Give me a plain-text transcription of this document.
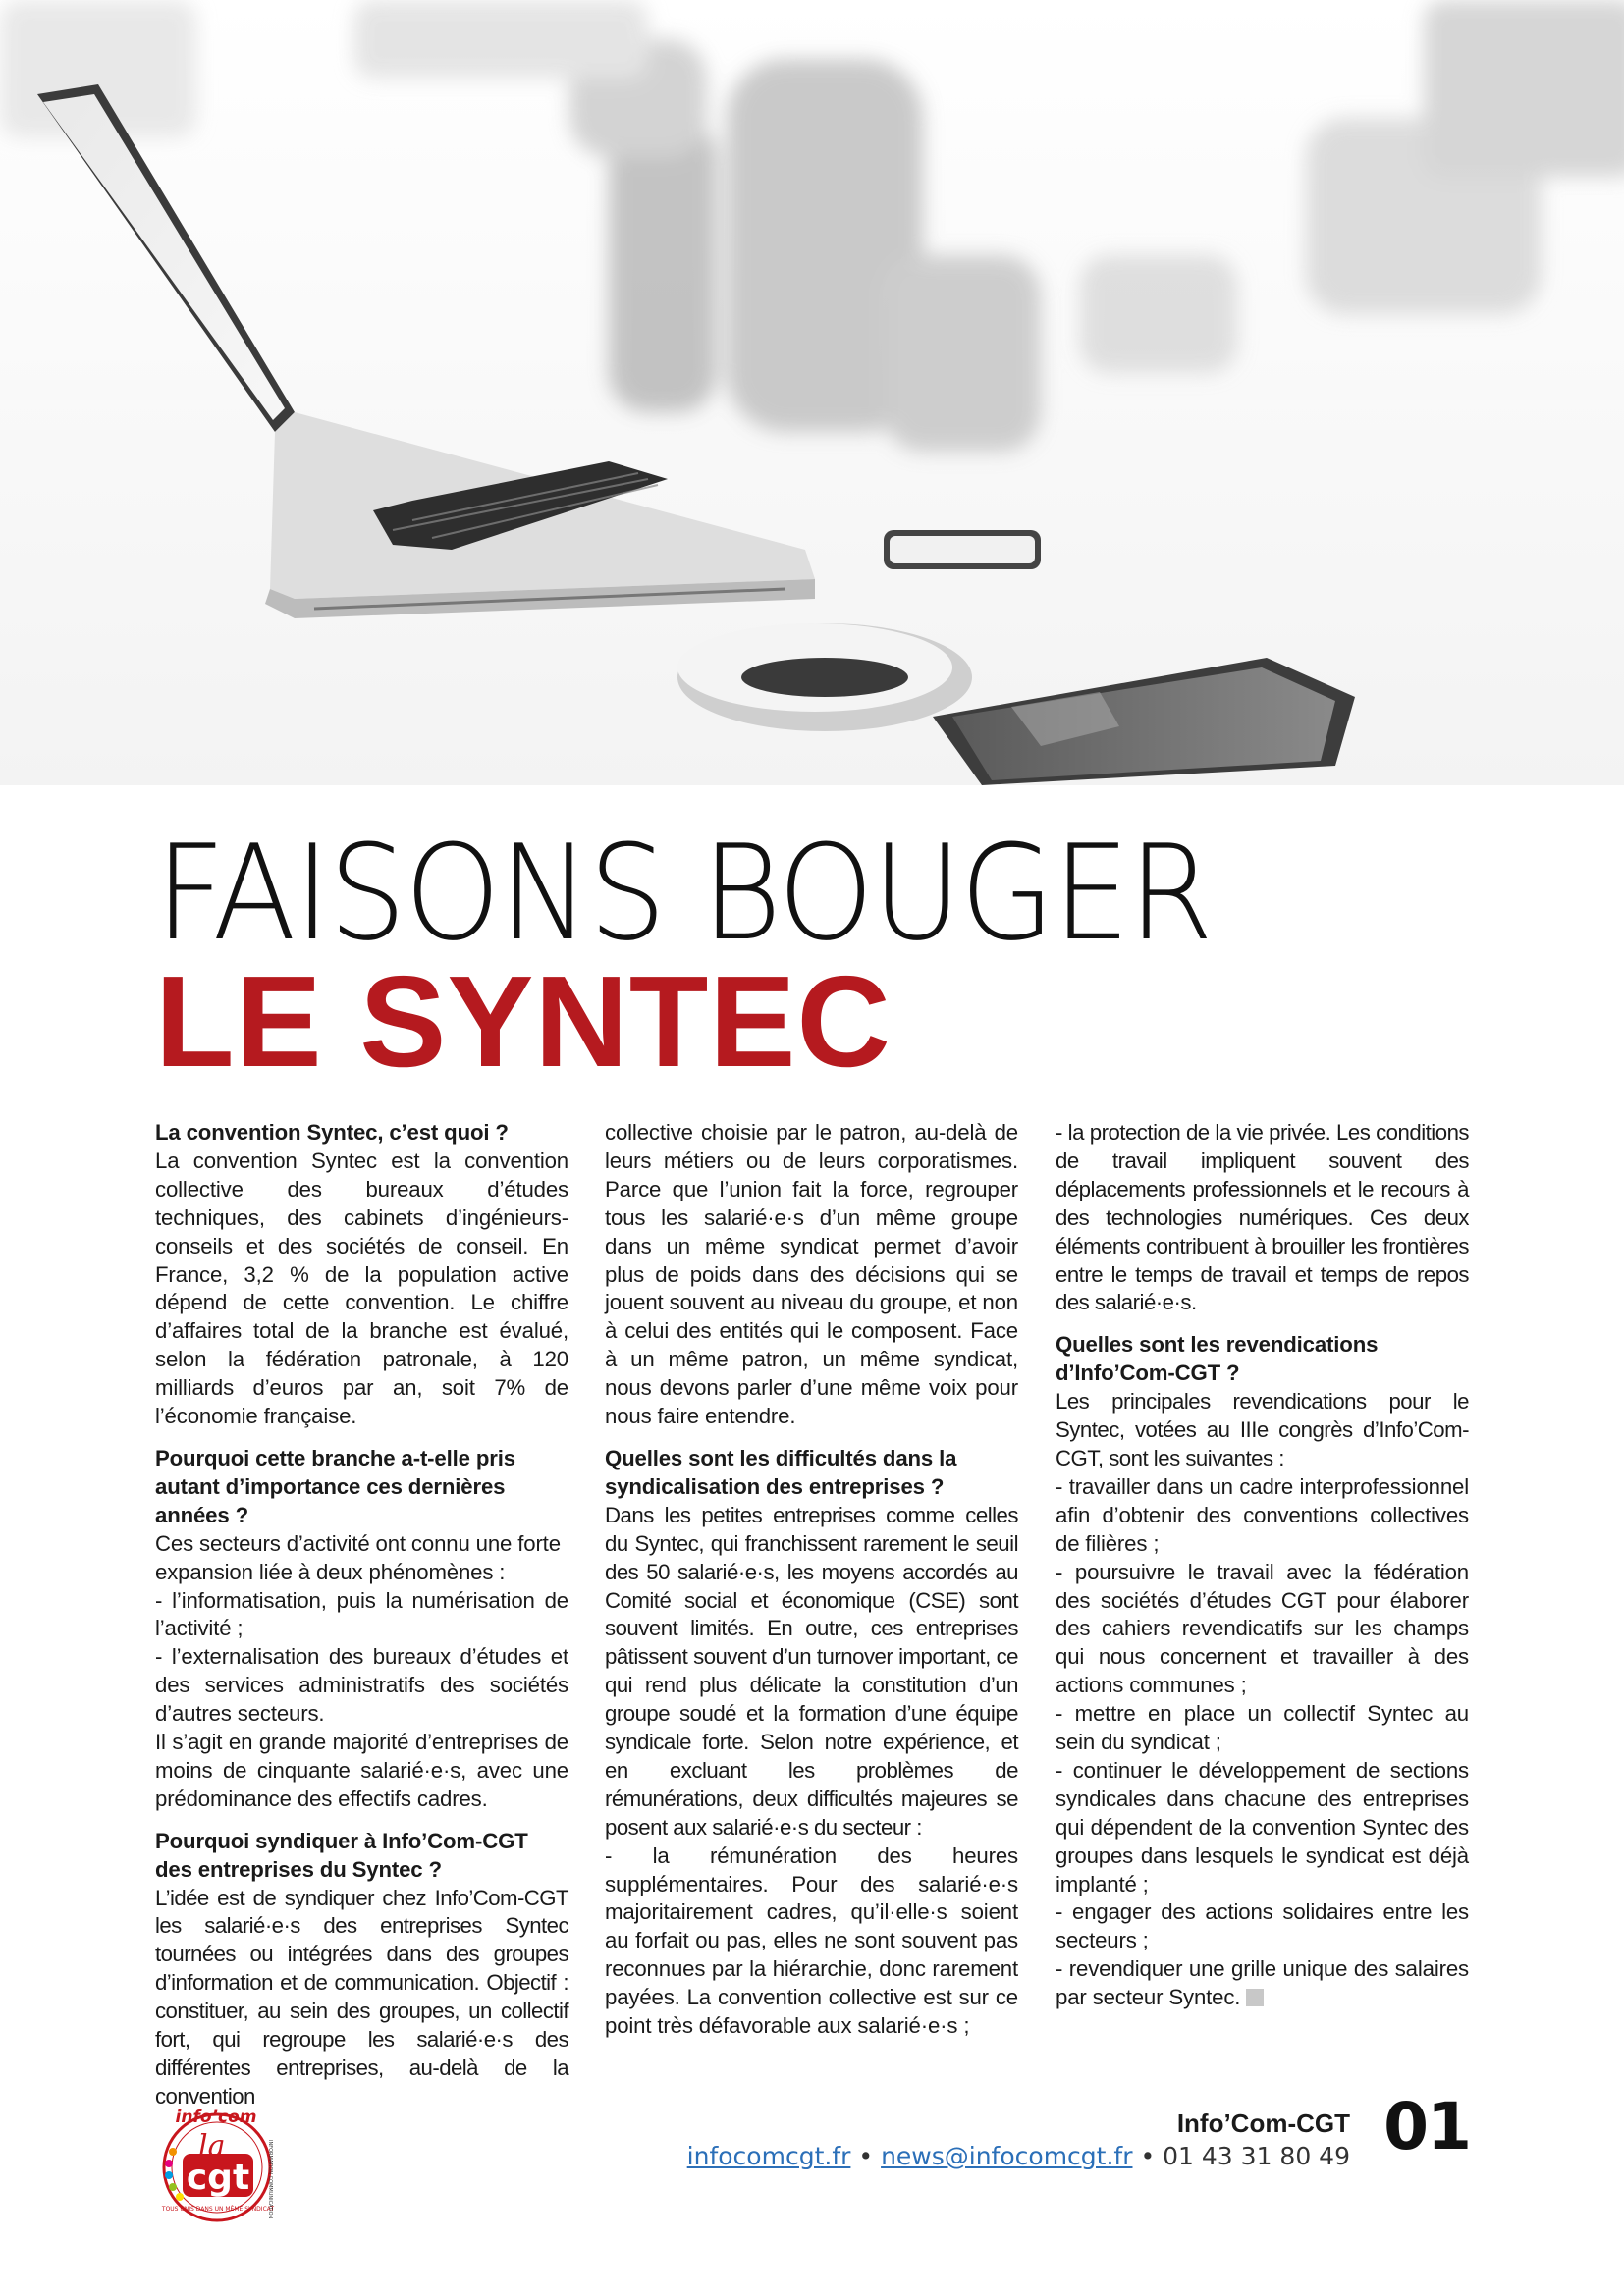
FAISONS BOUGER
LE SYNTEC
La convention Syntec, c’est quoi ?

La convention Syntec est la convention collective des bureaux d’études techniques, des cabinets d’ingénieurs-conseils et des sociétés de conseil. En France, 3,2 % de la population active dépend de cette convention. Le chiffre d’affaires total de la branche est évalué, selon la fédération patronale, à 120 milliards d’euros par an, soit 7% de l’économie française.

Pourquoi cette branche a-t-elle pris autant d’importance ces dernières années ?

Ces secteurs d’activité ont connu une forte expansion liée à deux phénomènes :

- l’informatisation, puis la numérisation de l’activité ;

- l’externalisation des bureaux d’études et des services administratifs des sociétés d’autres secteurs.

Il s’agit en grande majorité d’entreprises de moins de cinquante salarié·e·s, avec une prédominance des effectifs cadres.

Pourquoi syndiquer à Info’Com-CGT des entreprises du Syntec ?

L’idée est de syndiquer chez Info’Com-CGT les salarié·e·s des entreprises Syntec tournées ou intégrées dans des groupes d’information et de communication. Objectif : constituer, au sein des groupes, un collectif fort, qui regroupe les salarié·e·s des différentes entreprises, au-delà de la convention

collective choisie par le patron, au-delà de leurs métiers ou de leurs corporatismes. Parce que l’union fait la force, regrouper tous les salarié·e·s d’un même groupe dans un même syndicat permet d’avoir plus de poids dans des décisions qui se jouent souvent au niveau du groupe, et non à celui des entités qui le composent. Face à un même patron, un même syndicat, nous devons parler d’une même voix pour nous faire entendre.

Quelles sont les difficultés dans la syndicalisation des entreprises ?

Dans les petites entreprises comme celles du Syntec, qui franchissent rarement le seuil des 50 salarié·e·s, les moyens accordés au Comité social et économique (CSE) sont souvent limités. En outre, ces entreprises pâtissent souvent d’un turnover important, ce qui rend plus délicate la constitution d’un groupe soudé et la formation d’une équipe syndicale forte. Selon notre expérience, et en excluant les problèmes de rémunérations, deux difficultés majeures se posent aux salarié·e·s du secteur :

- la rémunération des heures supplémentaires. Pour des salarié·e·s majoritairement cadres, qu’il·elle·s soient au forfait ou pas, elles ne sont souvent pas reconnues par la hiérarchie, donc rarement payées. La convention collective est sur ce point très défavorable aux salarié·e·s ;

- la protection de la vie privée. Les conditions de travail impliquent souvent des déplacements professionnels et le recours à des technologies numériques. Ces deux éléments contribuent à brouiller les frontières entre le temps de travail et temps de repos des salarié·e·s.

Quelles sont les revendications d’Info’Com-CGT ?

Les principales revendications pour le Syntec, votées au IIIe congrès d’Info’Com-CGT, sont les suivantes :

- travailler dans un cadre interprofessionnel afin d’obtenir des conventions collectives de filières ;

- poursuivre le travail avec la fédération des sociétés d’études CGT pour élaborer des cahiers revendicatifs sur les champs qui nous concernent et travailler à des actions communes ;

- mettre en place un collectif Syntec au sein du syndicat ;

- continuer le développement de sections syndicales dans chacune des entreprises qui dépendent de la convention Syntec des groupes dans lesquels le syndicat est déjà implanté ;

- engager des actions solidaires entre les secteurs ;

- revendiquer une grille unique des salaires par secteur Syntec.

cgt
la
info’com
TOUS UNIS DANS UN MÊME SYNDICAT
INFORMATION COMMUNICATION
Info’Com-CGT
infocomcgt.fr • news@infocomcgt.fr • 01 43 31 80 49 01
